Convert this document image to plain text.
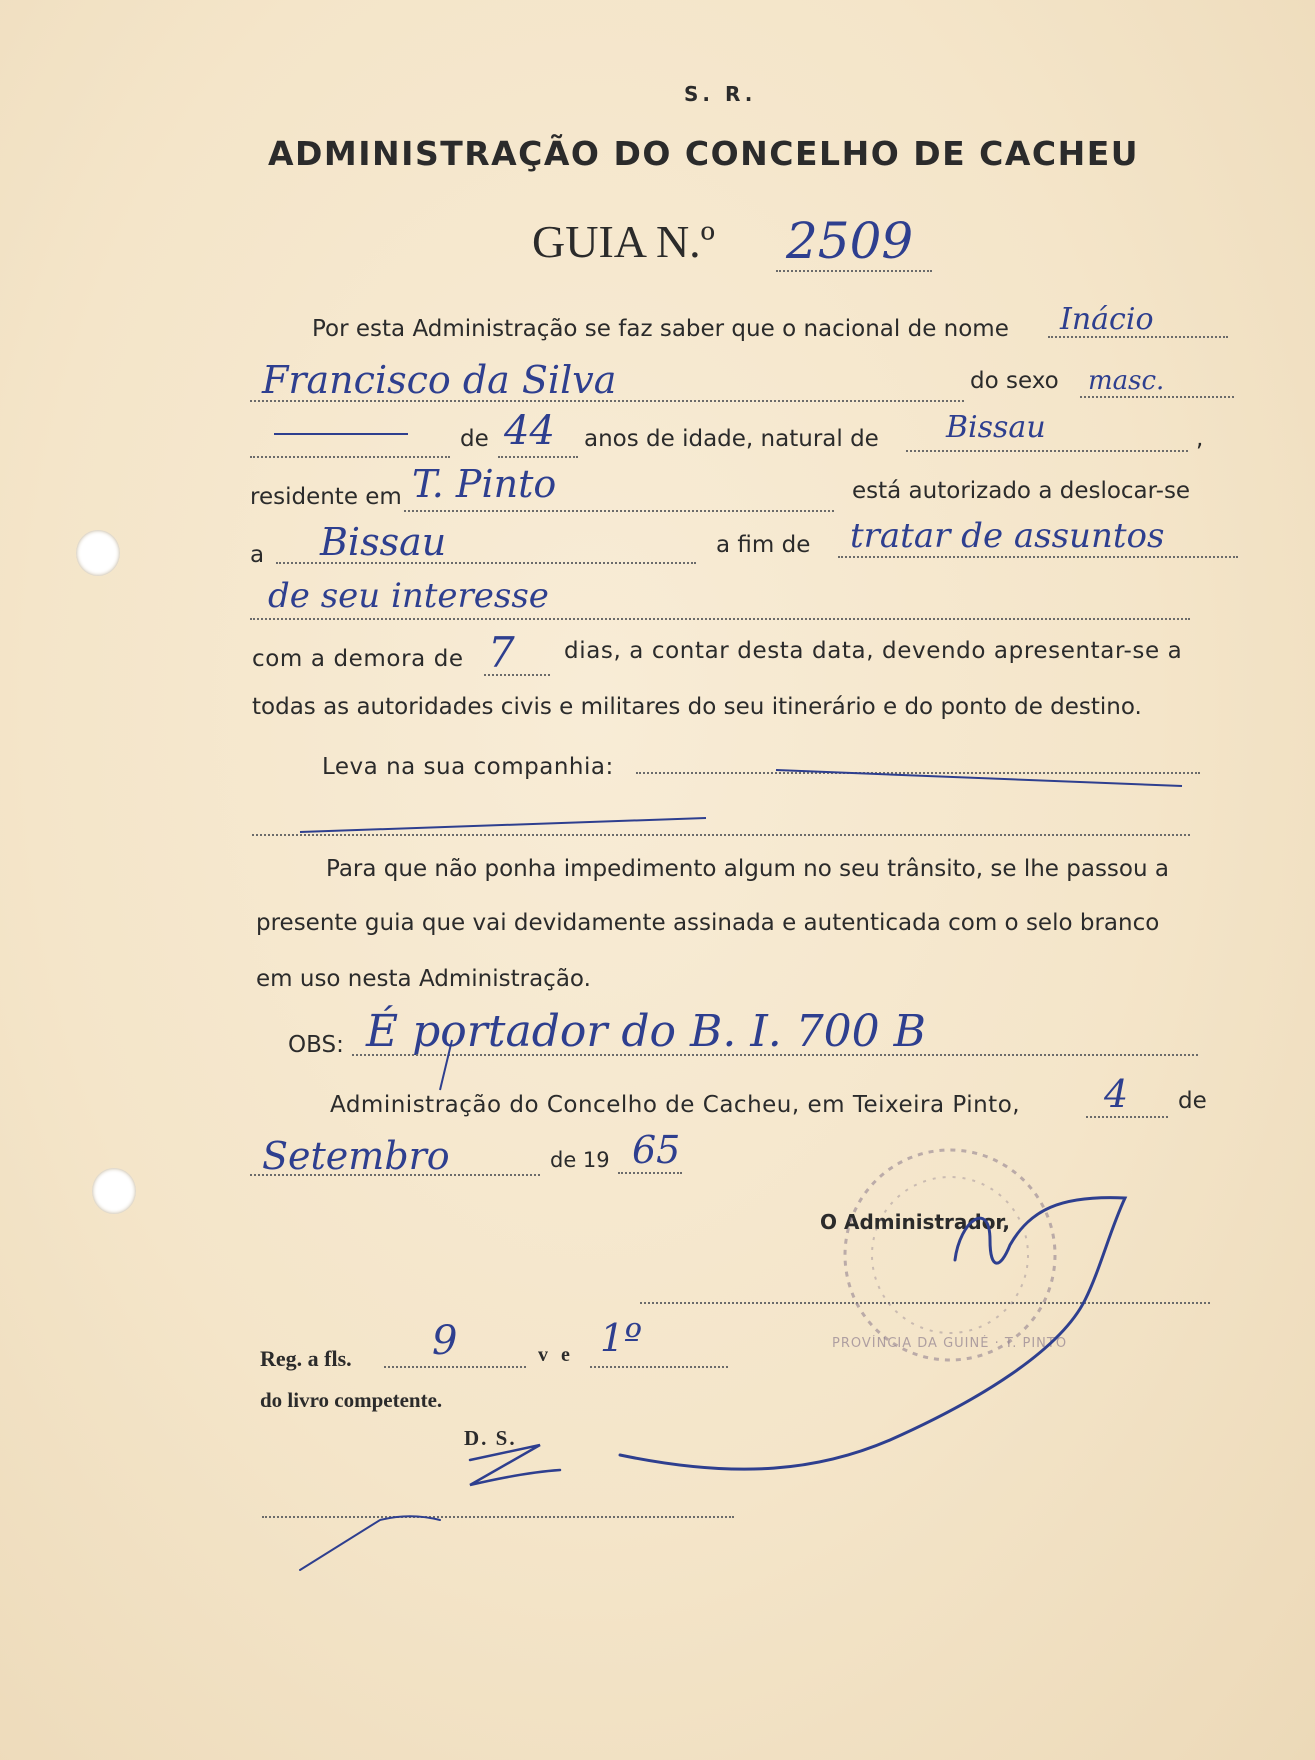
S. R.
ADMINISTRAÇÃO DO CONCELHO DE CACHEU
GUIA N.º 2509
Por esta Administração se faz saber que o nacional de nome Inácio
Francisco da Silva	do sexo masc.
de 44 anos de idade, natural de Bissau	,
residente em T. Pinto	está autorizado a deslocar-se
a Bissau	a fim de tratar de assuntos
de seu interesse
com a demora de 7 dias, a contar desta data, devendo apresentar-se a
todas as autoridades civis e militares do seu itinerário e do ponto de destino.
Leva na sua companhia:
Para que não ponha impedimento algum no seu trânsito, se lhe passou a
presente guia que vai devidamente assinada e autenticada com o selo branco
em uso nesta Administração.
OBS: É portador do B. I. 700 B
Administração do Concelho de Cacheu, em Teixeira Pinto, 4 de
Setembro	de 19 65
O Administrador,
Reg. a fls. 9	v e 1º
do livro competente.
D. S.
PROVÍNCIA DA GUINÉ · T. PINTO
